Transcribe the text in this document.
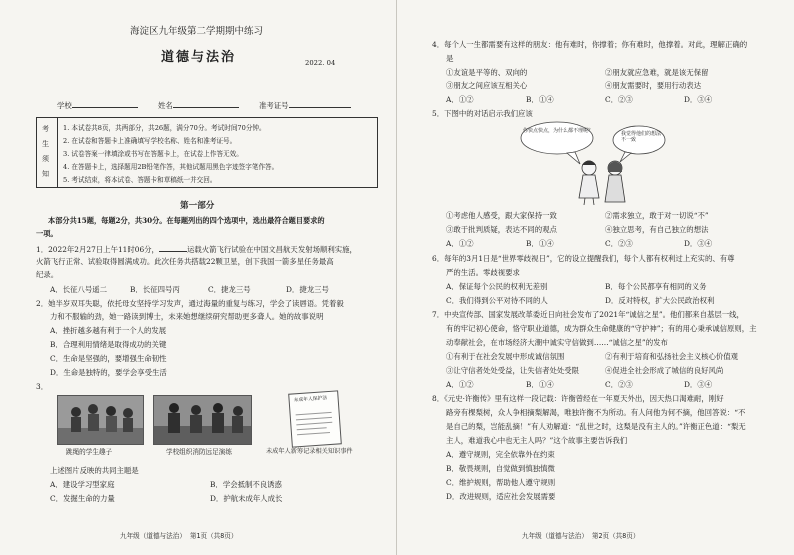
海淀区九年级第二学期期中练习
道德与法治	2022. 04
学校	姓名	准考证号
考
生
须
知
1. 本试卷共8页，共两部分，共26题，满分70分。考试时间70分钟。
2. 在试卷和答题卡上准确填写学校名称、姓名和准考证号。
3. 试卷答案一律填涂或书写在答题卡上，在试卷上作答无效。
4. 在答题卡上，选择题用2B铅笔作答，其他试题用黑色字迹签字笔作答。
5. 考试结束，将本试卷、答题卡和草稿纸一并交回。
第一部分
本部分共15题，每题2分，共30分。在每题列出的四个选项中，选出最符合题目要求的
一项。
1．2022年2月27日上午11时06分，	运载火箭飞行试验在中国文昌航天发射场顺利实施，
火箭飞行正常、试验取得圆满成功。此次任务共搭载22颗卫星，创下我国一箭多星任务最高
纪录。
A．长征八号遥二	B．长征四号丙	C．捷龙三号	D．捷龙三号
2．她半岁双耳失聪，依托母女坚持学习发声，通过海量的重复与练习，学会了读唇语。凭着毅
力和不服输的劲，她一路读到博士，未来她想继续研究帮助更多聋人。她的故事说明
A．挫折越多越有利于一个人的发展
B．合理利用情绪是取得成功的关键
C．生命是坚强的，要增强生命韧性
D．生命是独特的，要学会享受生活
3．
未成年人保护法
跳绳的学生趣子	学校组织消防远足演练	未成年人新筹记录相关知识事件
上述图片反映的共同主题是
A．建设学习型家庭	B．学会抵制不良诱惑
C．发掘生命的力量	D．护航未成年人成长
九年级（道德与法治） 第1页（共8页）
4．每个人一生都需要有这样的朋友：他有难时，你撑着；你有难时，他撑着。对此，理解正确的
是
①友谊是平等的、双向的	②朋友就应急难，就是该无保留
③朋友之间应该互相关心	④朋友需要时，要用行动表达
A．①②	B．①④	C．②③	D．③④
5．下图中的对话启示我们应该
你快点快点，为什么都不理呢？	我觉得他们的想法不一致
①考虑他人感受，跟大家保持一致	②需求独立，敢于对一切说“不”
③敢于批判质疑，表达不同的观点	④独立思考，有自己独立的想法
A．①②	B．①④	C．②③	D．③④
6．每年的3月1日是“世界零歧视日”，它的设立提醒我们，每个人都有权利过上充实的、有尊
严的生活。零歧视要求
A．保证每个公民的权利无差别	B．每个公民都享有相同的义务
C．我们得到公平对待不同的人	D．反对特权，扩大公民政治权利
7．中央宣传部、国家发展改革委近日向社会发布了2021年“诚信之星”。他们都来自基层一线，
有的牢记初心使命，恪守职业道德，成为群众生命健康的“守护神”；有的用心秉承诚信原则，主
动奉献社会，在市场经济大潮中诚实守信做到……“诚信之星”的发布
①有利于在社会发展中形成诚信氛围	②有利于培育和弘扬社会主义核心价值观
③让守信者处处受益，让失信者处处受限	④促进全社会形成了城信的良好风尚
A．①②	B．①④	C．②③	D．③④
8．《元史·许衡传》里有这样一段记载：许衡曾经在一年夏天外出，因天热口渴难耐，刚好
路旁有棵梨树，众人争相摘梨解渴，唯独许衡不为所动。有人问他为何不摘，他回答说：“不
是自己的梨，岂能乱摘！”有人劝解道：“乱世之时，这梨是没有主人的。”许衡正色道：“梨无
主人，难道我心中也无主人吗？”这个故事主要告诉我们
A．遵守规则，完全依靠外在约束
B．敬畏规则，自觉做到慎独慎微
C．维护规则，帮助他人遵守规则
D．改进规则，适应社会发展需要
九年级（道德与法治） 第2页（共8页）
